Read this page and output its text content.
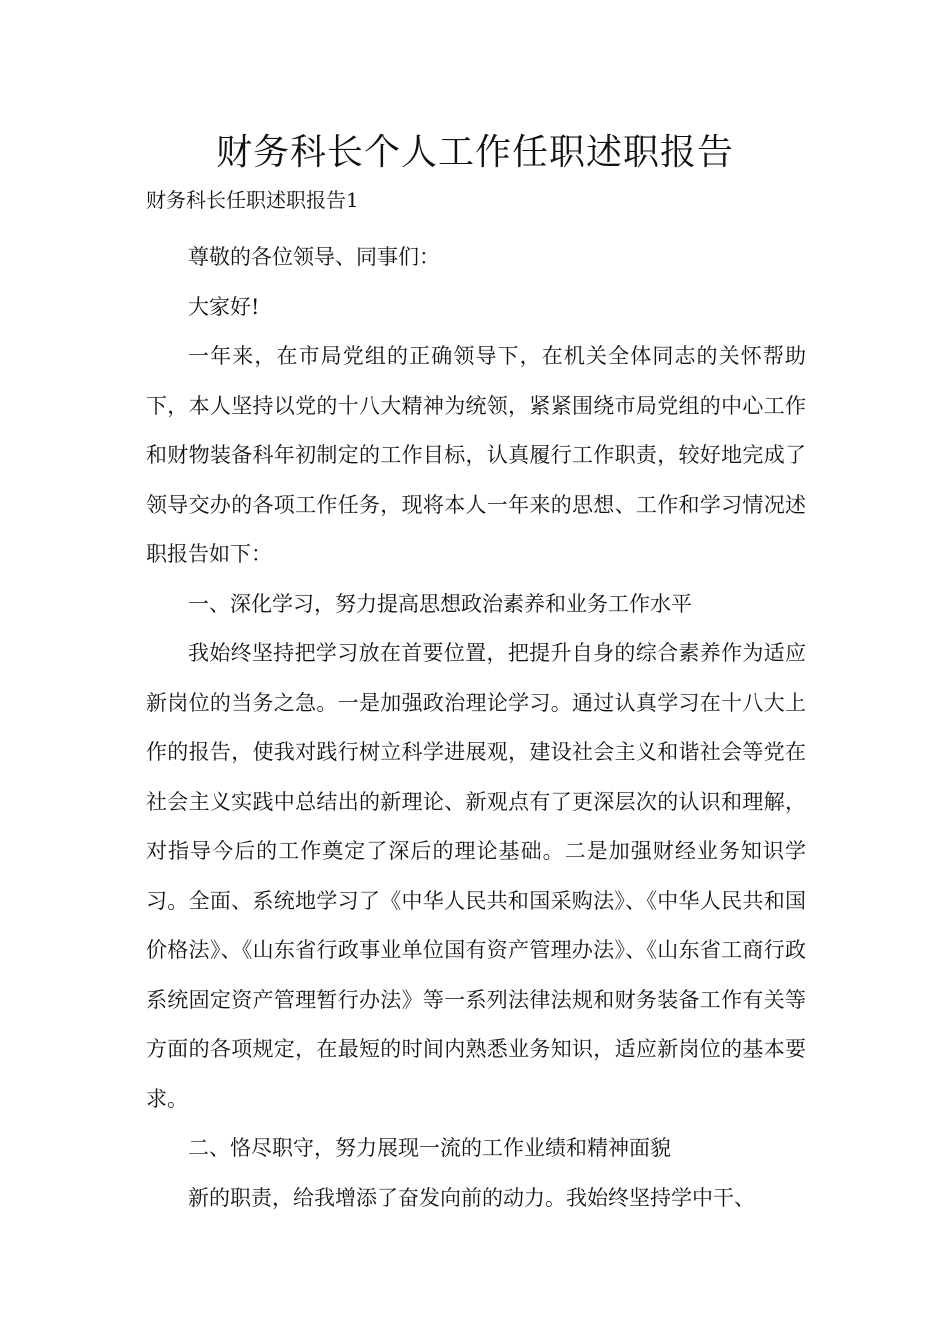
财务科长个人工作任职述职报告

财务科长任职述职报告1

尊敬的各位领导、同事们：

大家好!

一年来，在市局党组的正确领导下，在机关全体同志的关怀帮助下，本人坚持以党的十八大精神为统领，紧紧围绕市局党组的中心工作和财物装备科年初制定的工作目标，认真履行工作职责，较好地完成了领导交办的各项工作任务，现将本人一年来的思想、工作和学习情况述职报告如下：

一、深化学习，努力提高思想政治素养和业务工作水平

我始终坚持把学习放在首要位置，把提升自身的综合素养作为适应新岗位的当务之急。一是加强政治理论学习。通过认真学习在十八大上作的报告，使我对践行树立科学进展观，建设社会主义和谐社会等党在社会主义实践中总结出的新理论、新观点有了更深层次的认识和理解，对指导今后的工作奠定了深后的理论基础。二是加强财经业务知识学习。全面、系统地学习了《中华人民共和国采购法》、《中华人民共和国价格法》、《山东省行政事业单位国有资产管理办法》、《山东省工商行政系统固定资产管理暂行办法》等一系列法律法规和财务装备工作有关等方面的各项规定，在最短的时间内熟悉业务知识，适应新岗位的基本要求。

二、恪尽职守，努力展现一流的工作业绩和精神面貌

新的职责，给我增添了奋发向前的动力。我始终坚持学中干、
